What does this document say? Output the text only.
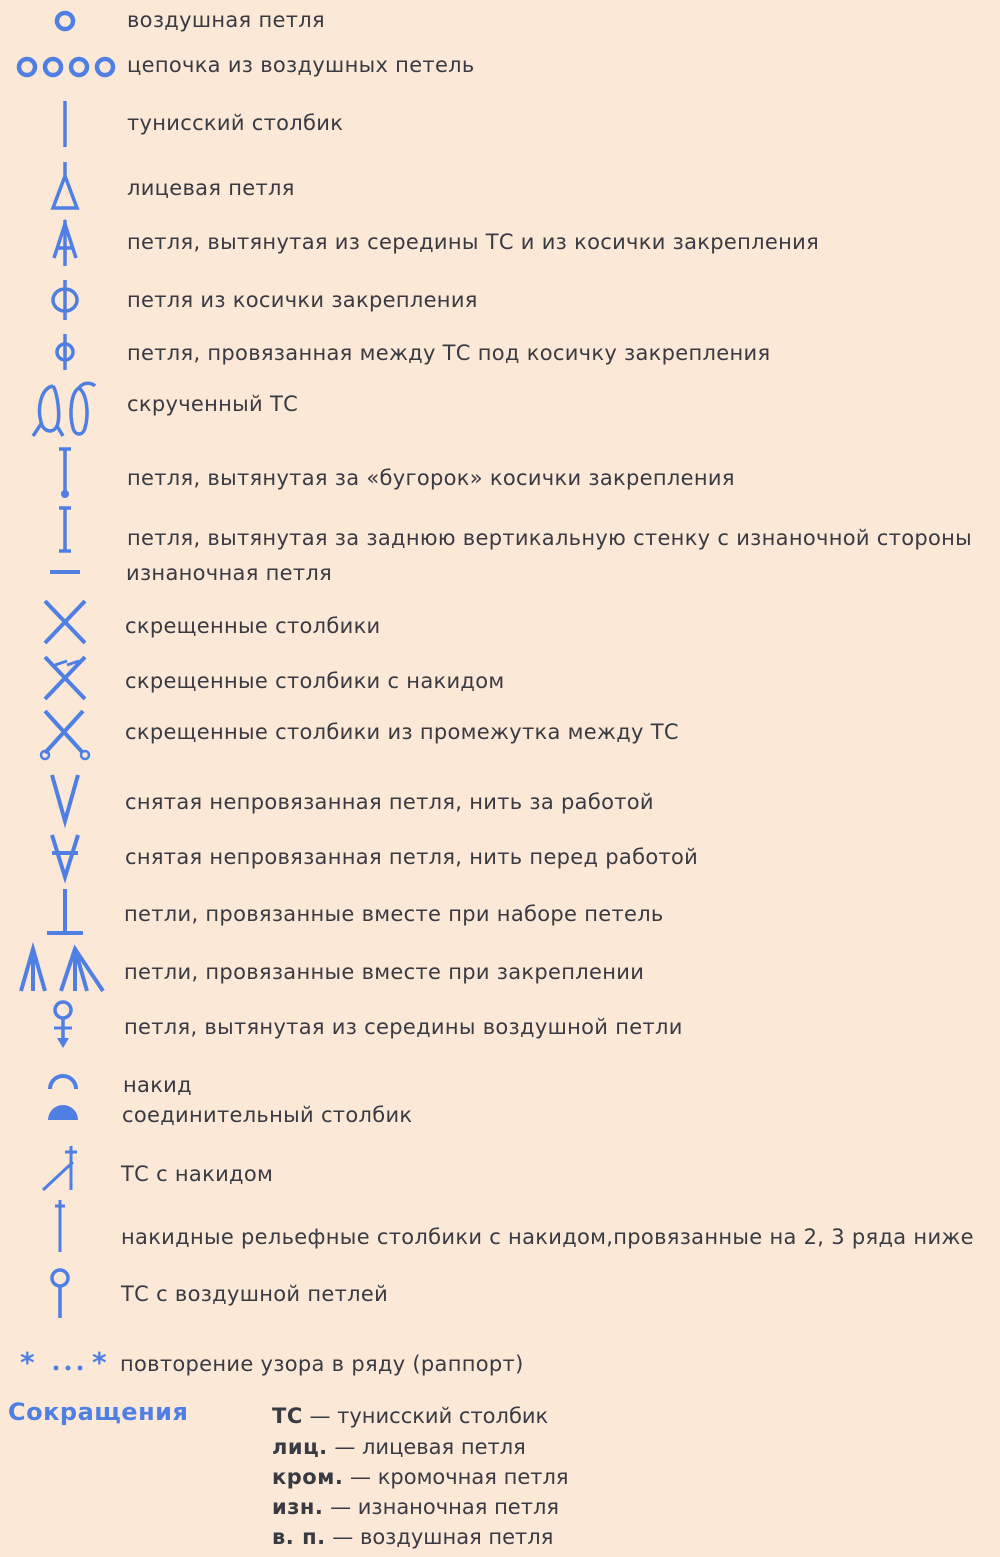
воздушная петля
цепочка из воздушных петель
тунисский столбик
лицевая петля
петля, вытянутая из середины ТС и из косички закрепления
петля из косички закрепления
петля, провязанная между ТС под косичку закрепления
скрученный ТС
петля, вытянутая за «бугорок» косички закрепления
петля, вытянутая за заднюю вертикальную стенку с изнаночной стороны
изнаночная петля
скрещенные столбики
скрещенные столбики с накидом
скрещенные столбики из промежутка между ТС
снятая непровязанная петля, нить за работой
снятая непровязанная петля, нить перед работой
петли, провязанные вместе при наборе петель
петли, провязанные вместе при закреплении
петля, вытянутая из середины воздушной петли
накид
соединительный столбик
ТС с накидом
накидные рельефные столбики с накидом,провязанные на 2, 3 ряда ниже
ТС с воздушной петлей
* * повторение узора в ряду (раппорт)
Сокращения	ТС — тунисский столбик
лиц. — лицевая петля
кром. — кромочная петля
изн. — изнаночная петля
в. п. — воздушная петля
